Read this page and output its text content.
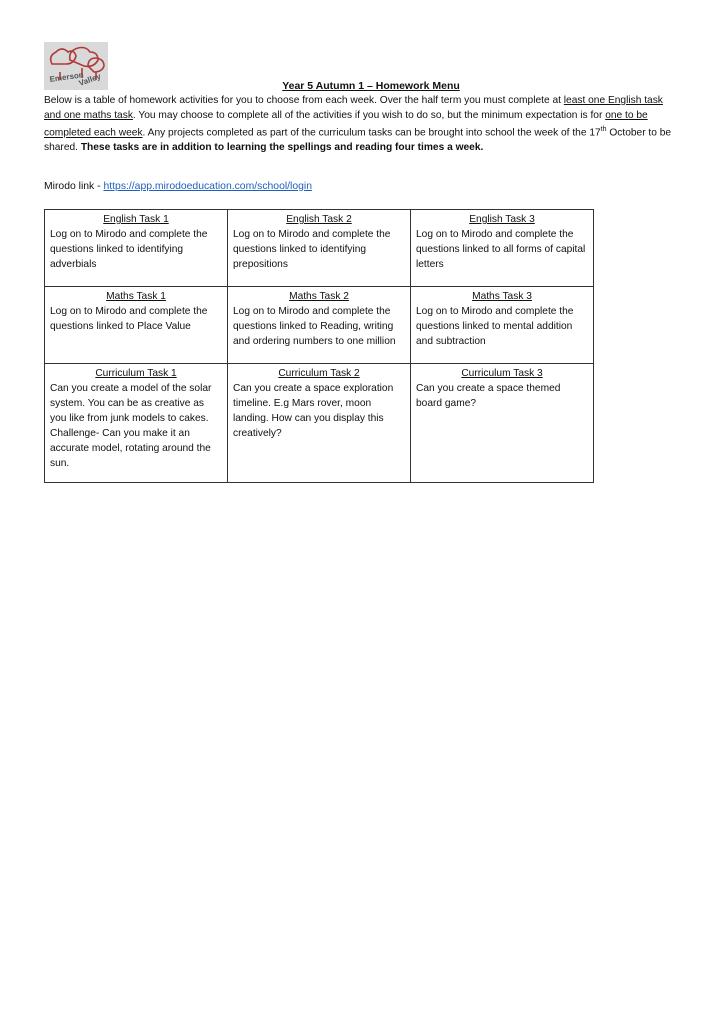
Emerson
Valley	Year 5 Autumn 1 – Homework Menu
Below is a table of homework activities for you to choose from each week. Over the half term you must complete at least one English task and one maths task. You may choose to complete all of the activities if you wish to do so, but the minimum expectation is for one to be completed each week. Any projects completed as part of the curriculum tasks can be brought into school the week of the 17th October to be shared. These tasks are in addition to learning the spellings and reading four times a week.
Mirodo link - https://app.mirodoeducation.com/school/login
English Task 1
Log on to Mirodo and complete the questions linked to identifying adverbials	English Task 2
Log on to Mirodo and complete the questions linked to identifying prepositions	English Task 3
Log on to Mirodo and complete the questions linked to all forms of capital letters

Maths Task 1
Log on to Mirodo and complete the questions linked to Place Value	Maths Task 2
Log on to Mirodo and complete the questions linked to Reading, writing and ordering numbers to one million	Maths Task 3
Log on to Mirodo and complete the questions linked to mental addition and subtraction

Curriculum Task 1
Can you create a model of the solar system. You can be as creative as you like from junk models to cakes.
Challenge- Can you make it an accurate model, rotating around the sun.	Curriculum Task 2
Can you create a space exploration timeline. E.g Mars rover, moon landing. How can you display this creatively?	Curriculum Task 3
Can you create a space themed board game?
